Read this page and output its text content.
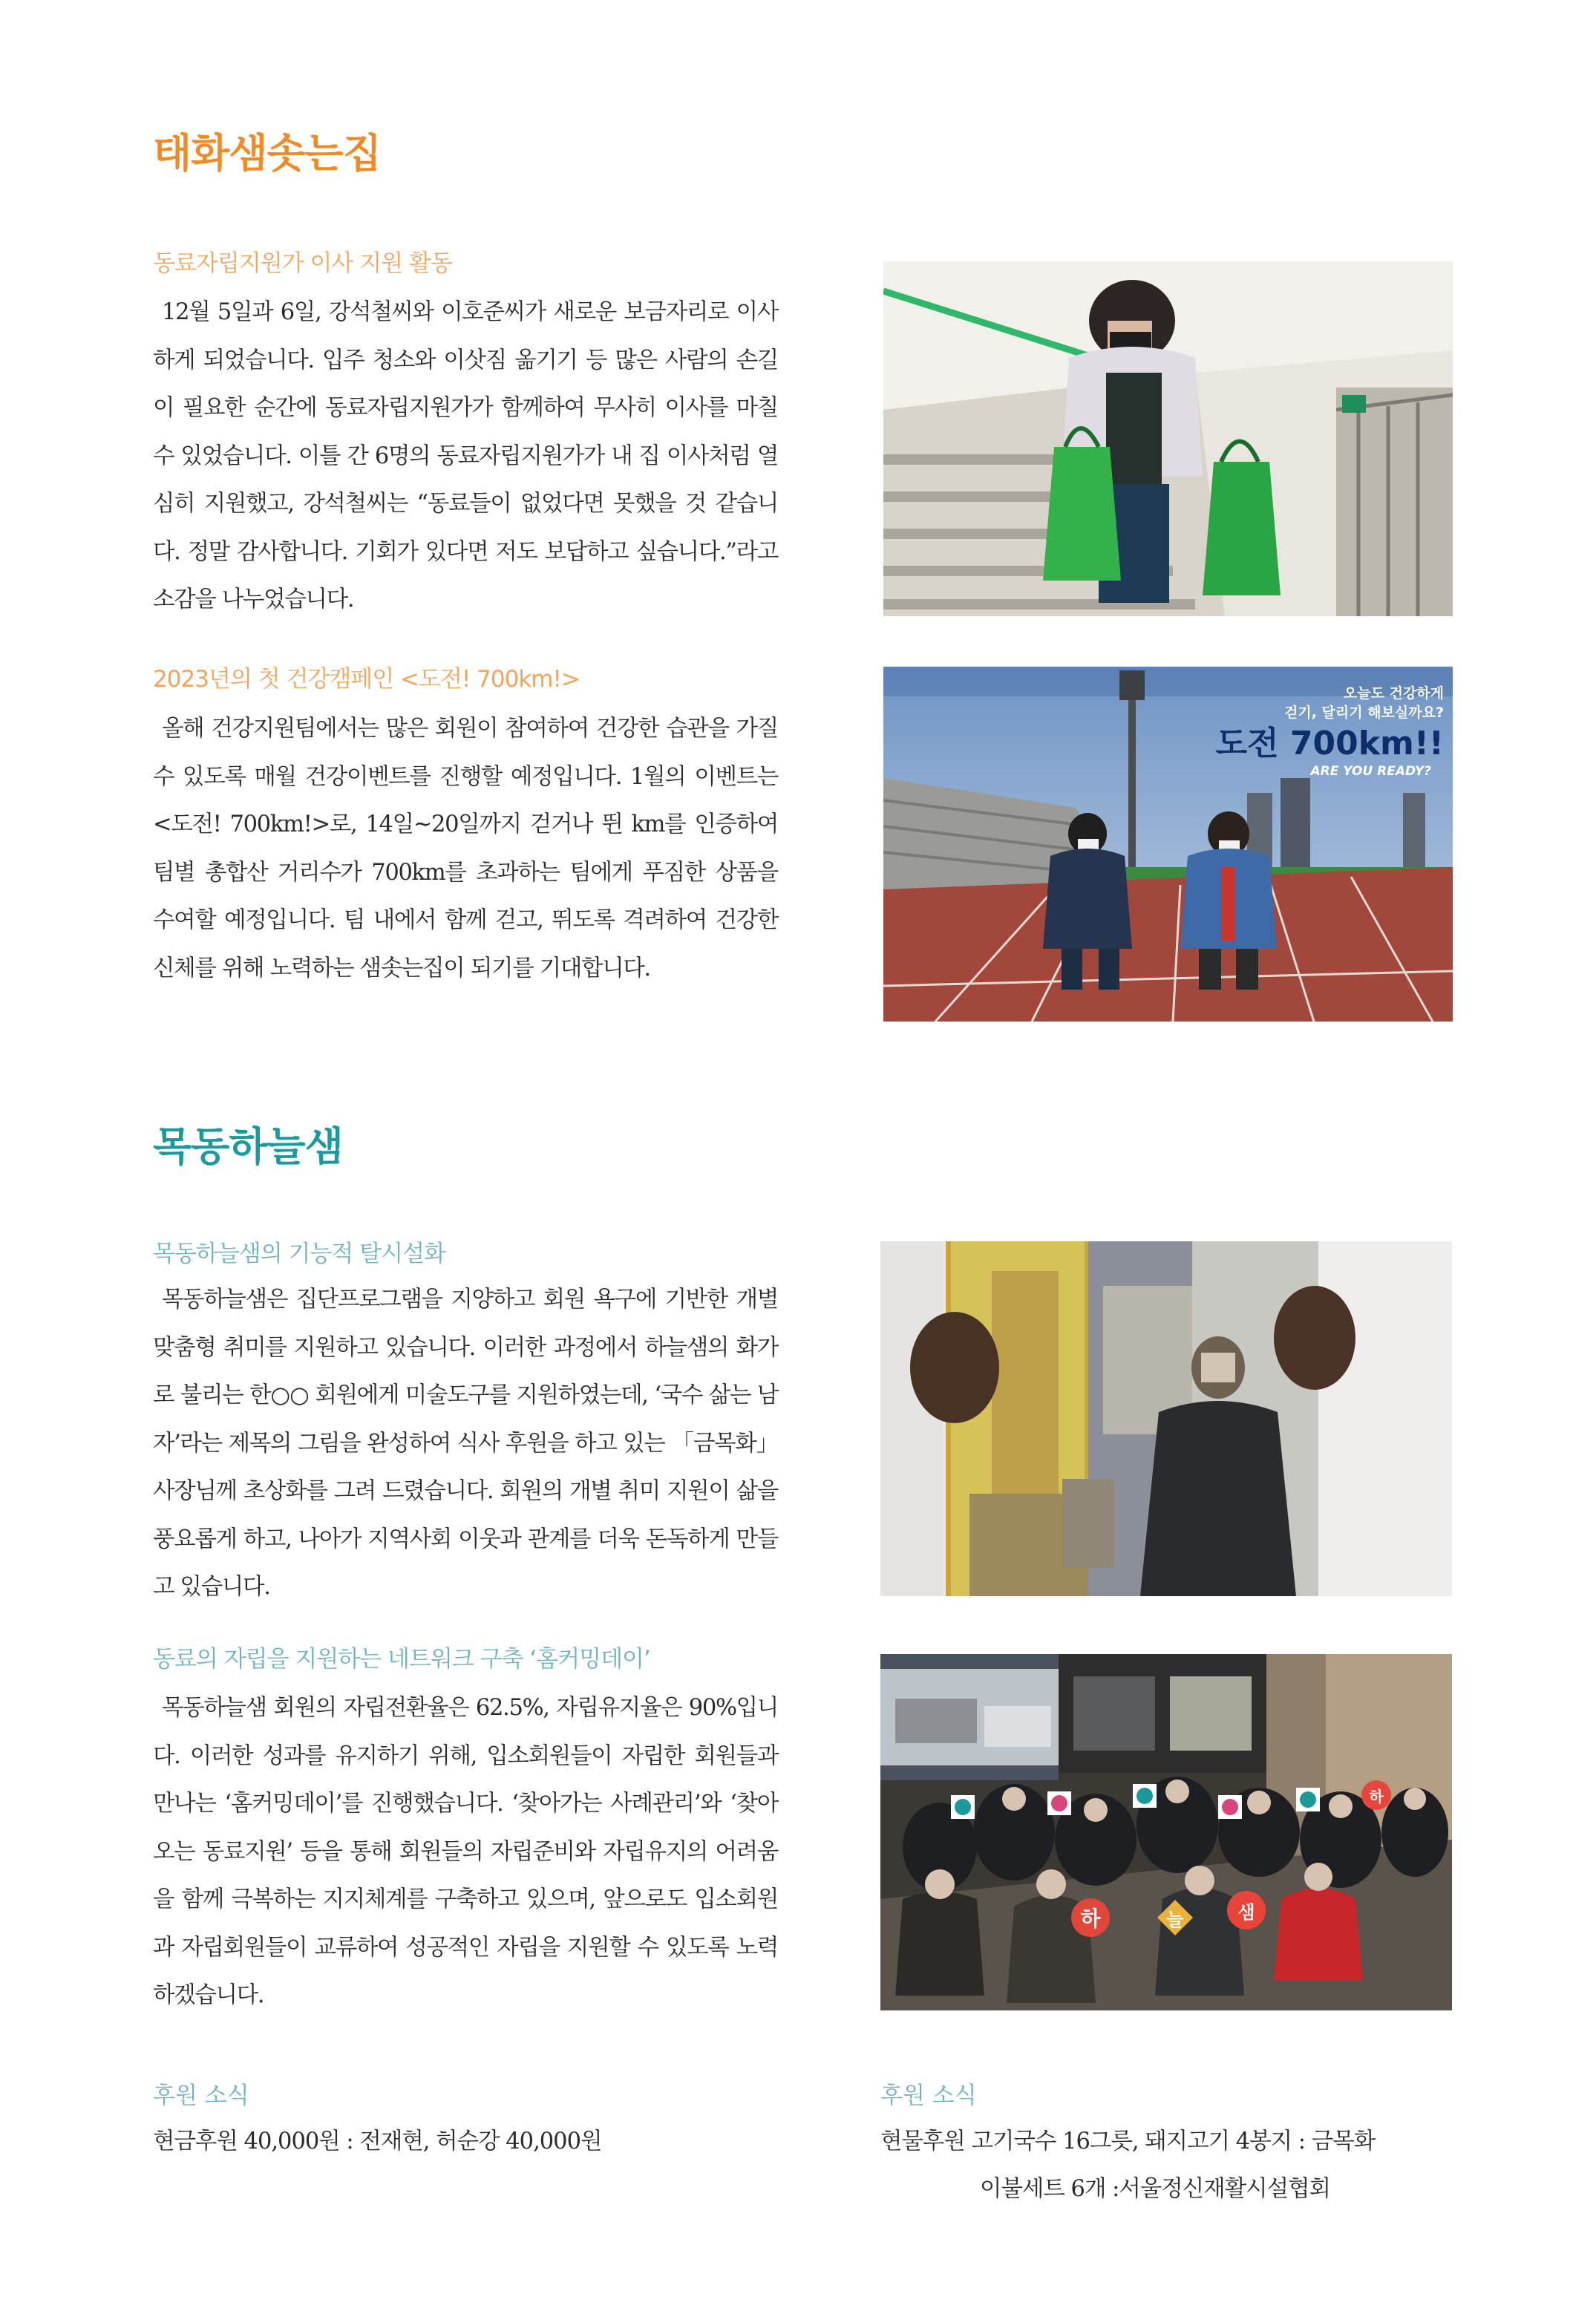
태화샘솟는집

동료자립지원가 이사 지원 활동

12월 5일과 6일, 강석철씨와 이호준씨가 새로운 보금자리로 이사하게 되었습니다. 입주 청소와 이삿짐 옮기기 등 많은 사람의 손길이 필요한 순간에 동료자립지원가가 함께하여 무사히 이사를 마칠 수 있었습니다. 이틀 간 6명의 동료자립지원가가 내 집 이사처럼 열심히 지원했고, 강석철씨는 “동료들이 없었다면 못했을 것 같습니다. 정말 감사합니다. 기회가 있다면 저도 보답하고 싶습니다.”라고 소감을 나누었습니다.

2023년의 첫 건강캠페인 <도전! 700km!>

올해 건강지원팀에서는 많은 회원이 참여하여 건강한 습관을 가질 수 있도록 매월 건강이벤트를 진행할 예정입니다. 1월의 이벤트는 <도전! 700km!>로, 14일~20일까지 걷거나 뛴 km를 인증하여 팀별 총합산 거리수가 700km를 초과하는 팀에게 푸짐한 상품을 수여할 예정입니다. 팀 내에서 함께 걷고, 뛰도록 격려하여 건강한 신체를 위해 노력하는 샘솟는집이 되기를 기대합니다.

오늘도 건강하게
걷기, 달리기 해보실까요?
도전 700km!!
ARE YOU READY?
목동하늘샘

목동하늘샘의 기능적 탈시설화

목동하늘샘은 집단프로그램을 지양하고 회원 욕구에 기반한 개별 맞춤형 취미를 지원하고 있습니다. 이러한 과정에서 하늘샘의 화가로 불리는 한○○ 회원에게 미술도구를 지원하였는데, ‘국수 삶는 남자’라는 제목의 그림을 완성하여 식사 후원을 하고 있는 「금목화」 사장님께 초상화를 그려 드렸습니다. 회원의 개별 취미 지원이 삶을 풍요롭게 하고, 나아가 지역사회 이웃과 관계를 더욱 돈독하게 만들고 있습니다.

동료의 자립을 지원하는 네트워크 구축 ‘홈커밍데이’

목동하늘샘 회원의 자립전환율은 62.5%, 자립유지율은 90%입니다. 이러한 성과를 유지하기 위해, 입소회원들이 자립한 회원들과 만나는 ‘홈커밍데이’를 진행했습니다. ‘찾아가는 사례관리’와 ‘찾아오는 동료지원’ 등을 통해 회원들의 자립준비와 자립유지의 어려움을 함께 극복하는 지지체계를 구축하고 있으며, 앞으로도 입소회원과 자립회원들이 교류하여 성공적인 자립을 지원할 수 있도록 노력하겠습니다.

하	늘	샘
하

후원 소식

현금후원 40,000원 : 전재현, 허순강 40,000원

후원 소식

현물후원 고기국수 16그릇, 돼지고기 4봉지 : 금목화

이불세트 6개 :서울정신재활시설협회
